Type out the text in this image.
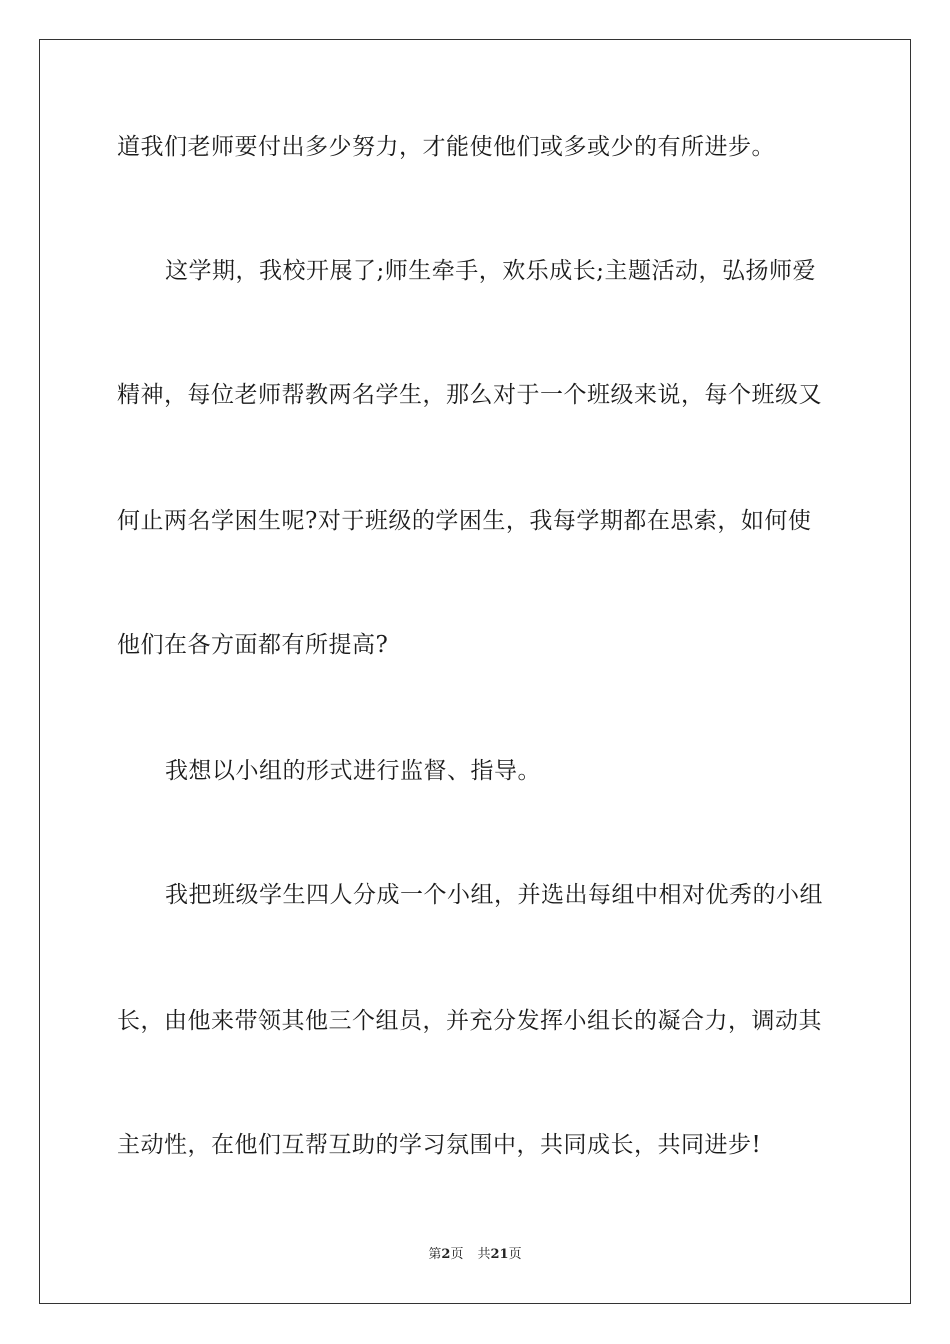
道我们老师要付出多少努力，才能使他们或多或少的有所进步。
这学期，我校开展了;师生牵手，欢乐成长;主题活动，弘扬师爱
精神，每位老师帮教两名学生，那么对于一个班级来说，每个班级又
何止两名学困生呢?对于班级的学困生，我每学期都在思索，如何使
他们在各方面都有所提高?
我想以小组的形式进行监督、指导。
我把班级学生四人分成一个小组，并选出每组中相对优秀的小组
长，由他来带领其他三个组员，并充分发挥小组长的凝合力，调动其
主动性，在他们互帮互助的学习氛围中，共同成长，共同进步!
第2页 共21页
